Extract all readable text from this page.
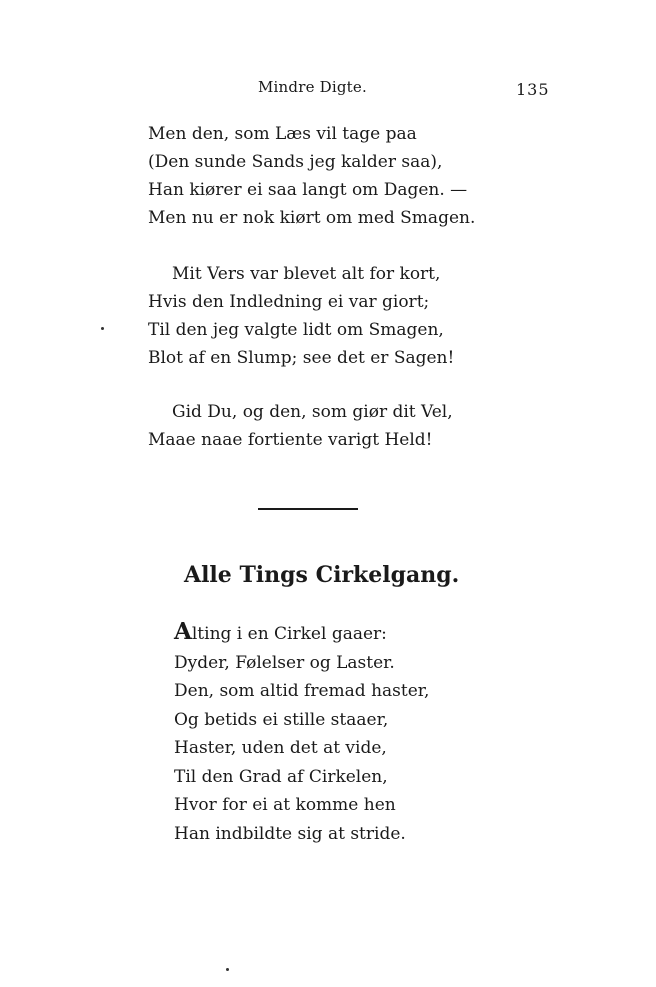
Mindre Digte.	135
Men den, som Læs vil tage paa
(Den sunde Sands jeg kalder saa),
Han kiører ei saa langt om Dagen. —
Men nu er nok kiørt om med Smagen.
Mit Vers var blevet alt for kort,
Hvis den Indledning ei var giort;
Til den jeg valgte lidt om Smagen,
Blot af en Slump; see det er Sagen!
Gid Du, og den, som giør dit Vel,
Maae naae fortiente varigt Held!
Alle Tings Cirkelgang.
Alting i en Cirkel gaaer:
Dyder, Følelser og Laster.
Den, som altid fremad haster,
Og betids ei stille staaer,
Haster, uden det at vide,
Til den Grad af Cirkelen,
Hvor for ei at komme hen
Han indbildte sig at stride.
